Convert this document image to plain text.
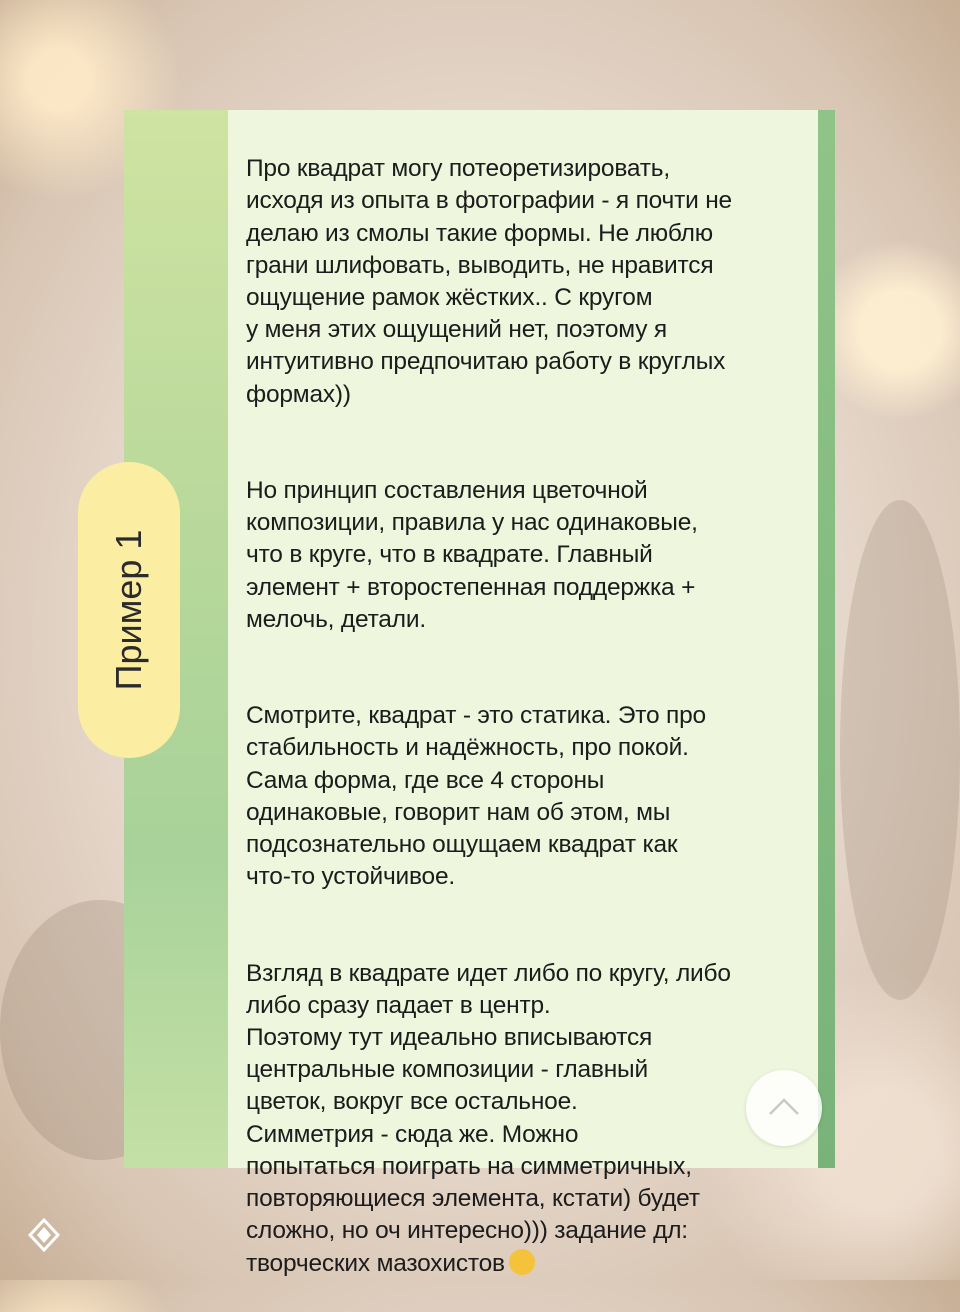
Про квадрат могу потеоретизировать,
исходя из опыта в фотографии - я почти не
делаю из смолы такие формы. Не люблю
грани шлифовать, выводить, не нравится
ощущение рамок жёстких.. С кругом
у меня этих ощущений нет, поэтому я
интуитивно предпочитаю работу в круглых
формах))

Но принцип составления цветочной
композиции, правила у нас одинаковые,
что в круге, что в квадрате. Главный
элемент + второстепенная поддержка +
мелочь, детали.

Смотрите, квадрат - это статика. Это про
стабильность и надёжность, про покой.
Сама форма, где все 4 стороны
одинаковые, говорит нам об этом, мы
подсознательно ощущаем квадрат как
что-то устойчивое.

Взгляд в квадрате идет либо по кругу, либо
либо сразу падает в центр.
Поэтому тут идеально вписываются
центральные композиции - главный
цветок, вокруг все остальное.
Симметрия - сюда же. Можно
попытаться поиграть на симметричных,
повторяющиеся элемента, кстати) будет
сложно, но оч интересно))) задание дл:
творческих мазохистов

Пример 1
